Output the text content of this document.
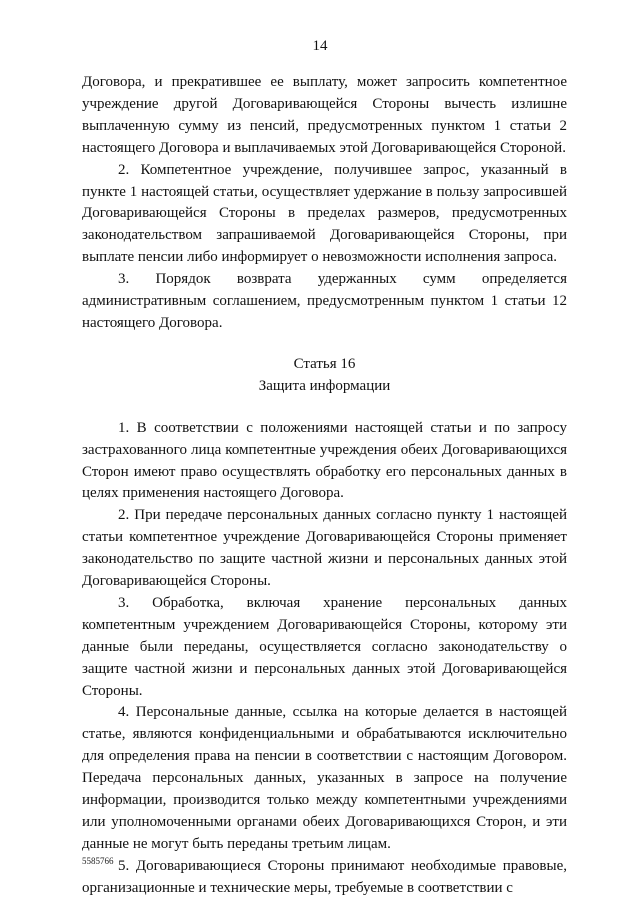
14

Договора, и прекратившее ее выплату, может запросить компетентное учреждение другой Договаривающейся Стороны вычесть излишне выплаченную сумму из пенсий, предусмотренных пунктом 1 статьи 2 настоящего Договора и выплачиваемых этой Договаривающейся Стороной.

2. Компетентное учреждение, получившее запрос, указанный в пункте 1 настоящей статьи, осуществляет удержание в пользу запросившей Договаривающейся Стороны в пределах размеров, предусмотренных законодательством запрашиваемой Договаривающейся Стороны, при выплате пенсии либо информирует о невозможности исполнения запроса.

3. Порядок возврата удержанных сумм определяется административным соглашением, предусмотренным пунктом 1 статьи 12 настоящего Договора.

Статья 16
Защита информации

1. В соответствии с положениями настоящей статьи и по запросу застрахованного лица компетентные учреждения обеих Договаривающихся Сторон имеют право осуществлять обработку его персональных данных в целях применения настоящего Договора.

2. При передаче персональных данных согласно пункту 1 настоящей статьи компетентное учреждение Договаривающейся Стороны применяет законодательство по защите частной жизни и персональных данных этой Договаривающейся Стороны.

3. Обработка, включая хранение персональных данных компетентным учреждением Договаривающейся Стороны, которому эти данные были переданы, осуществляется согласно законодательству о защите частной жизни и персональных данных этой Договаривающейся Стороны.

4. Персональные данные, ссылка на которые делается в настоящей статье, являются конфиденциальными и обрабатываются исключительно для определения права на пенсии в соответствии с настоящим Договором. Передача персональных данных, указанных в запросе на получение информации, производится только между компетентными учреждениями или уполномоченными органами обеих Договаривающихся Сторон, и эти данные не могут быть переданы третьим лицам.

5. Договаривающиеся Стороны принимают необходимые правовые, организационные и технические меры, требуемые в соответствии с

5585766
